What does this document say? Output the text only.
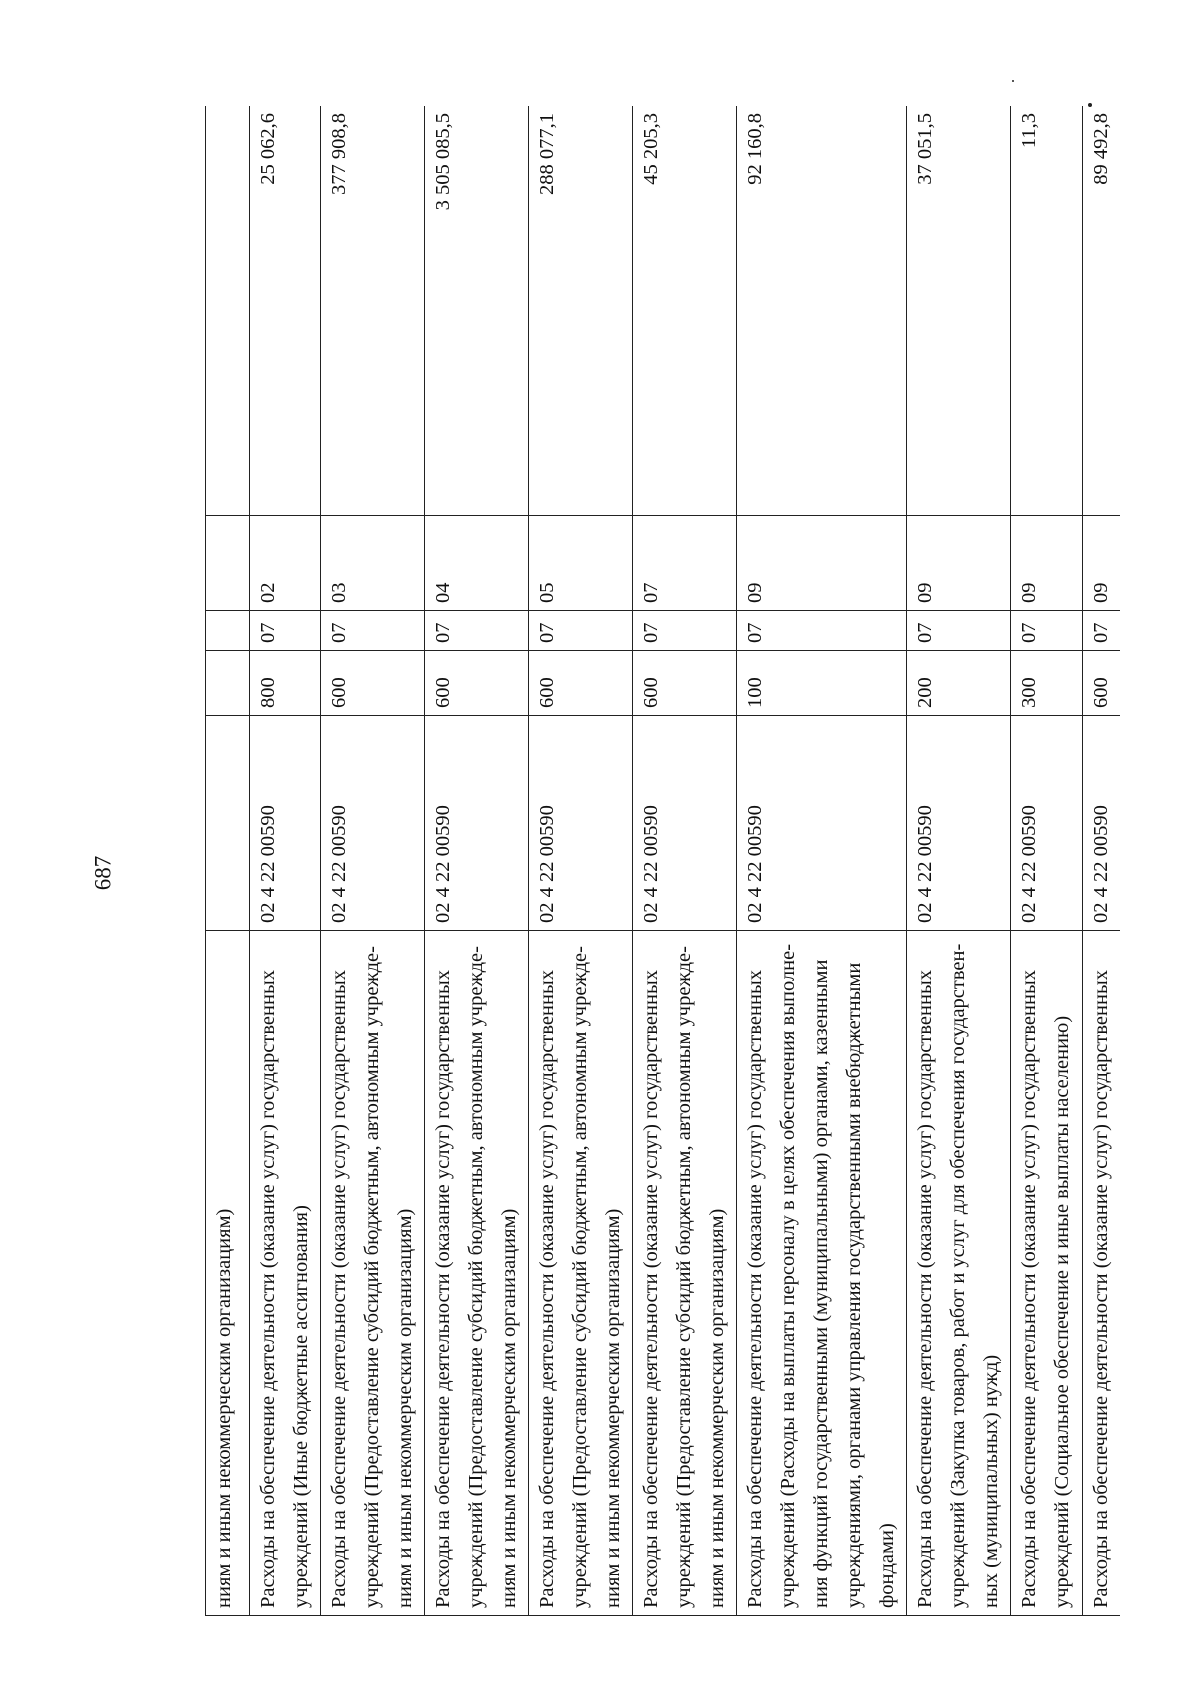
687
ниям и иным некоммерческим организациям)					
Расходы на обеспечение деятельности (оказание услуг) государственных учреждений (Иные бюджетные ассигнования)	02 4 22 00590	800	07	02	25 062,6
Расходы на обеспечение деятельности (оказание услуг) государственных учреждений (Предоставление субсидий бюджетным, автономным учрежде-ниям и иным некоммерческим организациям)	02 4 22 00590	600	07	03	377 908,8
Расходы на обеспечение деятельности (оказание услуг) государственных учреждений (Предоставление субсидий бюджетным, автономным учрежде-ниям и иным некоммерческим организациям)	02 4 22 00590	600	07	04	3 505 085,5
Расходы на обеспечение деятельности (оказание услуг) государственных учреждений (Предоставление субсидий бюджетным, автономным учрежде-ниям и иным некоммерческим организациям)	02 4 22 00590	600	07	05	288 077,1
Расходы на обеспечение деятельности (оказание услуг) государственных учреждений (Предоставление субсидий бюджетным, автономным учрежде-ниям и иным некоммерческим организациям)	02 4 22 00590	600	07	07	45 205,3
Расходы на обеспечение деятельности (оказание услуг) государственных учреждений (Расходы на выплаты персоналу в целях обеспечения выполне-ния функций государственными (муниципальными) органами, казенными учреждениями, органами управления государственными внебюджетными фондами)	02 4 22 00590	100	07	09	92 160,8
Расходы на обеспечение деятельности (оказание услуг) государственных учреждений (Закупка товаров, работ и услуг для обеспечения государствен-ных (муниципальных) нужд)	02 4 22 00590	200	07	09	37 051,5
Расходы на обеспечение деятельности (оказание услуг) государственных учреждений (Социальное обеспечение и иные выплаты населению)	02 4 22 00590	300	07	09	11,3
Расходы на обеспечение деятельности (оказание услуг) государственных	02 4 22 00590	600	07	09	89 492,8
